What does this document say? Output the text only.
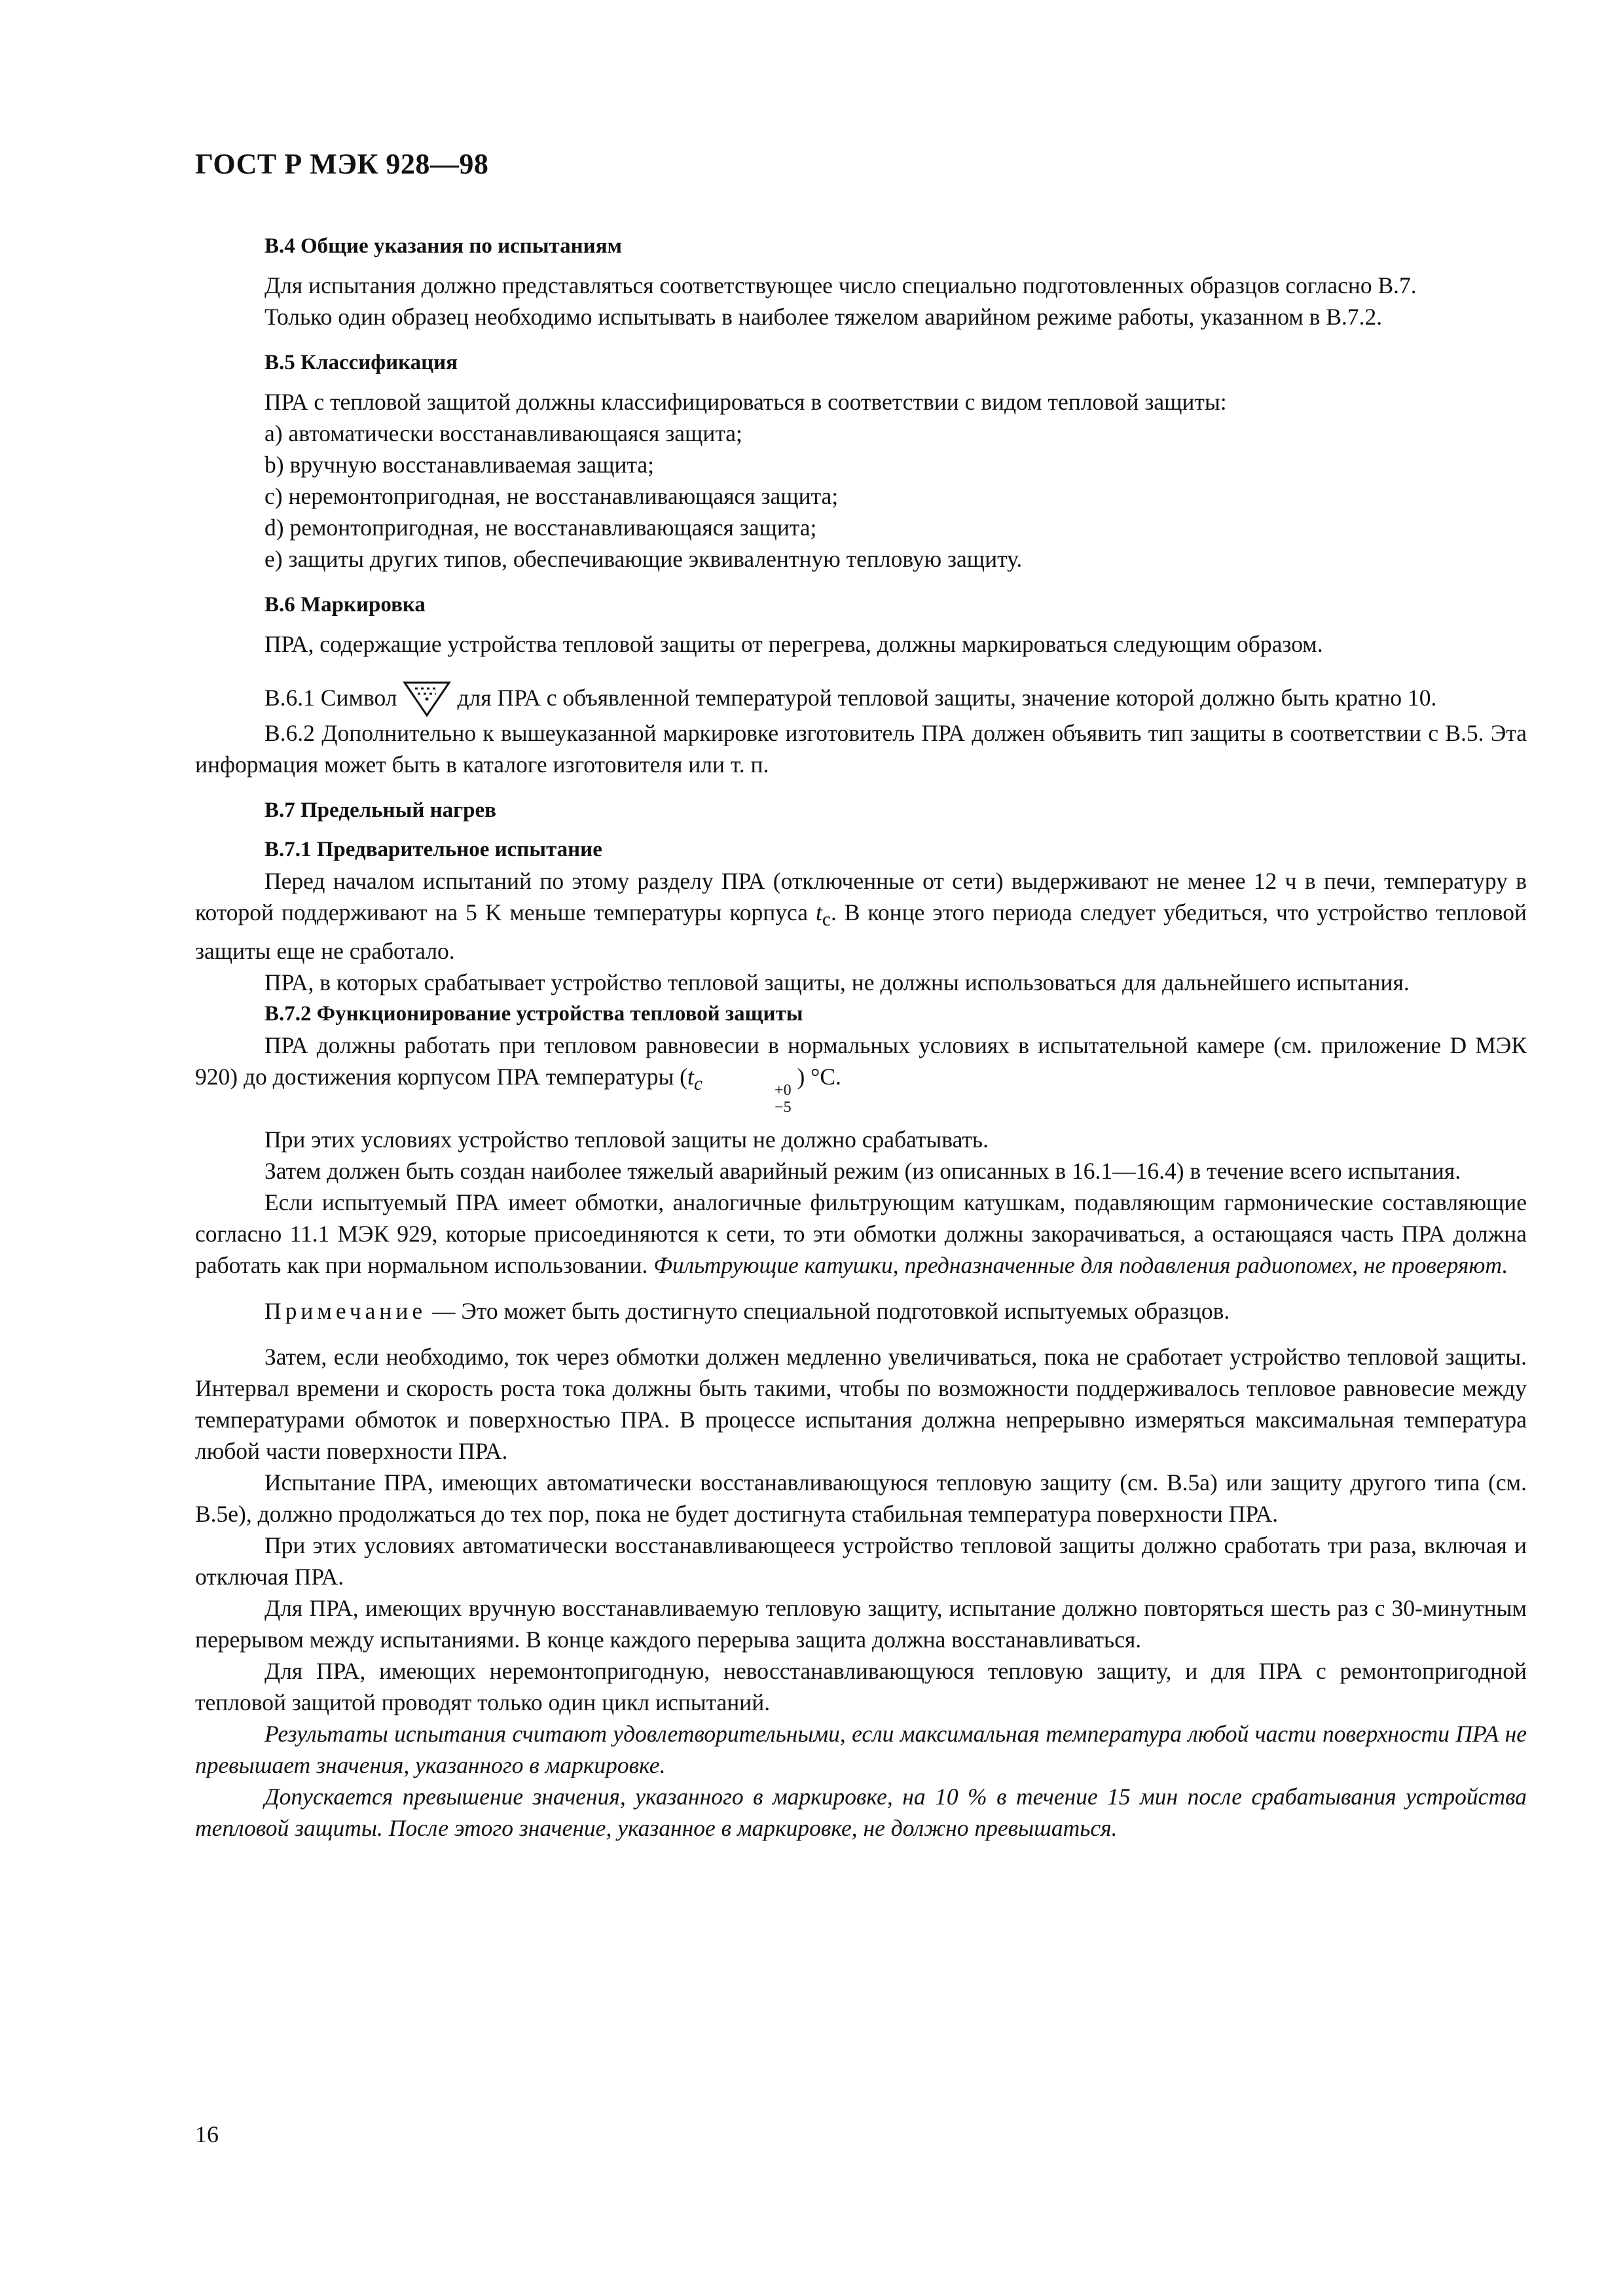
ГОСТ Р МЭК 928—98
B.4 Общие указания по испытаниям

Для испытания должно представляться соответствующее число специально подготовленных образцов согласно B.7.

Только один образец необходимо испытывать в наиболее тяжелом аварийном режиме работы, указанном в B.7.2.

B.5 Классификация

ПРА с тепловой защитой должны классифицироваться в соответствии с видом тепловой защиты:

a) автоматически восстанавливающаяся защита;
b) вручную восстанавливаемая защита;
c) неремонтопригодная, не восстанавливающаяся защита;
d) ремонтопригодная, не восстанавливающаяся защита;
e) защиты других типов, обеспечивающие эквивалентную тепловую защиту.
B.6 Маркировка

ПРА, содержащие устройства тепловой защиты от перегрева, должны маркироваться следующим образом.

B.6.1 Символ	для ПРА с объявленной температурой тепловой защиты, значение которой должно быть кратно 10.

B.6.2 Дополнительно к вышеуказанной маркировке изготовитель ПРА должен объявить тип защиты в соответствии с B.5. Эта информация может быть в каталоге изготовителя или т. п.

B.7 Предельный нагрев
B.7.1 Предварительное испытание

Перед началом испытаний по этому разделу ПРА (отключенные от сети) выдерживают не менее 12 ч в печи, температуру в которой поддерживают на 5 K меньше температуры корпуса $t_c$. В конце этого периода следует убедиться, что устройство тепловой защиты еще не сработало.

ПРА, в которых срабатывает устройство тепловой защиты, не должны использоваться для дальнейшего испытания.

B.7.2 Функционирование устройства тепловой защиты

ПРА должны работать при тепловом равновесии в нормальных условиях в испытательной камере (см. приложение D МЭК 920) до достижения корпусом ПРА температуры ($t_c$	+0
−5
) °C.

При этих условиях устройство тепловой защиты не должно срабатывать.

Затем должен быть создан наиболее тяжелый аварийный режим (из описанных в 16.1—16.4) в течение всего испытания.

Если испытуемый ПРА имеет обмотки, аналогичные фильтрующим катушкам, подавляющим гармонические составляющие согласно 11.1 МЭК 929, которые присоединяются к сети, то эти обмотки должны закорачиваться, а остающаяся часть ПРА должна работать как при нормальном использовании. Фильтрующие катушки, предназначенные для подавления радиопомех, не проверяют.

Примечание — Это может быть достигнуто специальной подготовкой испытуемых образцов.

Затем, если необходимо, ток через обмотки должен медленно увеличиваться, пока не сработает устройство тепловой защиты. Интервал времени и скорость роста тока должны быть такими, чтобы по возможности поддерживалось тепловое равновесие между температурами обмоток и поверхностью ПРА. В процессе испытания должна непрерывно измеряться максимальная температура любой части поверхности ПРА.

Испытание ПРА, имеющих автоматически восстанавливающуюся тепловую защиту (см. B.5a) или защиту другого типа (см. B.5e), должно продолжаться до тех пор, пока не будет достигнута стабильная температура поверхности ПРА.

При этих условиях автоматически восстанавливающееся устройство тепловой защиты должно сработать три раза, включая и отключая ПРА.

Для ПРА, имеющих вручную восстанавливаемую тепловую защиту, испытание должно повторяться шесть раз с 30-минутным перерывом между испытаниями. В конце каждого перерыва защита должна восстанавливаться.

Для ПРА, имеющих неремонтопригодную, невосстанавливающуюся тепловую защиту, и для ПРА с ремонтопригодной тепловой защитой проводят только один цикл испытаний.

Результаты испытания считают удовлетворительными, если максимальная температура любой части поверхности ПРА не превышает значения, указанного в маркировке.

Допускается превышение значения, указанного в маркировке, на 10 % в течение 15 мин после срабатывания устройства тепловой защиты. После этого значение, указанное в маркировке, не должно превышаться.

16
